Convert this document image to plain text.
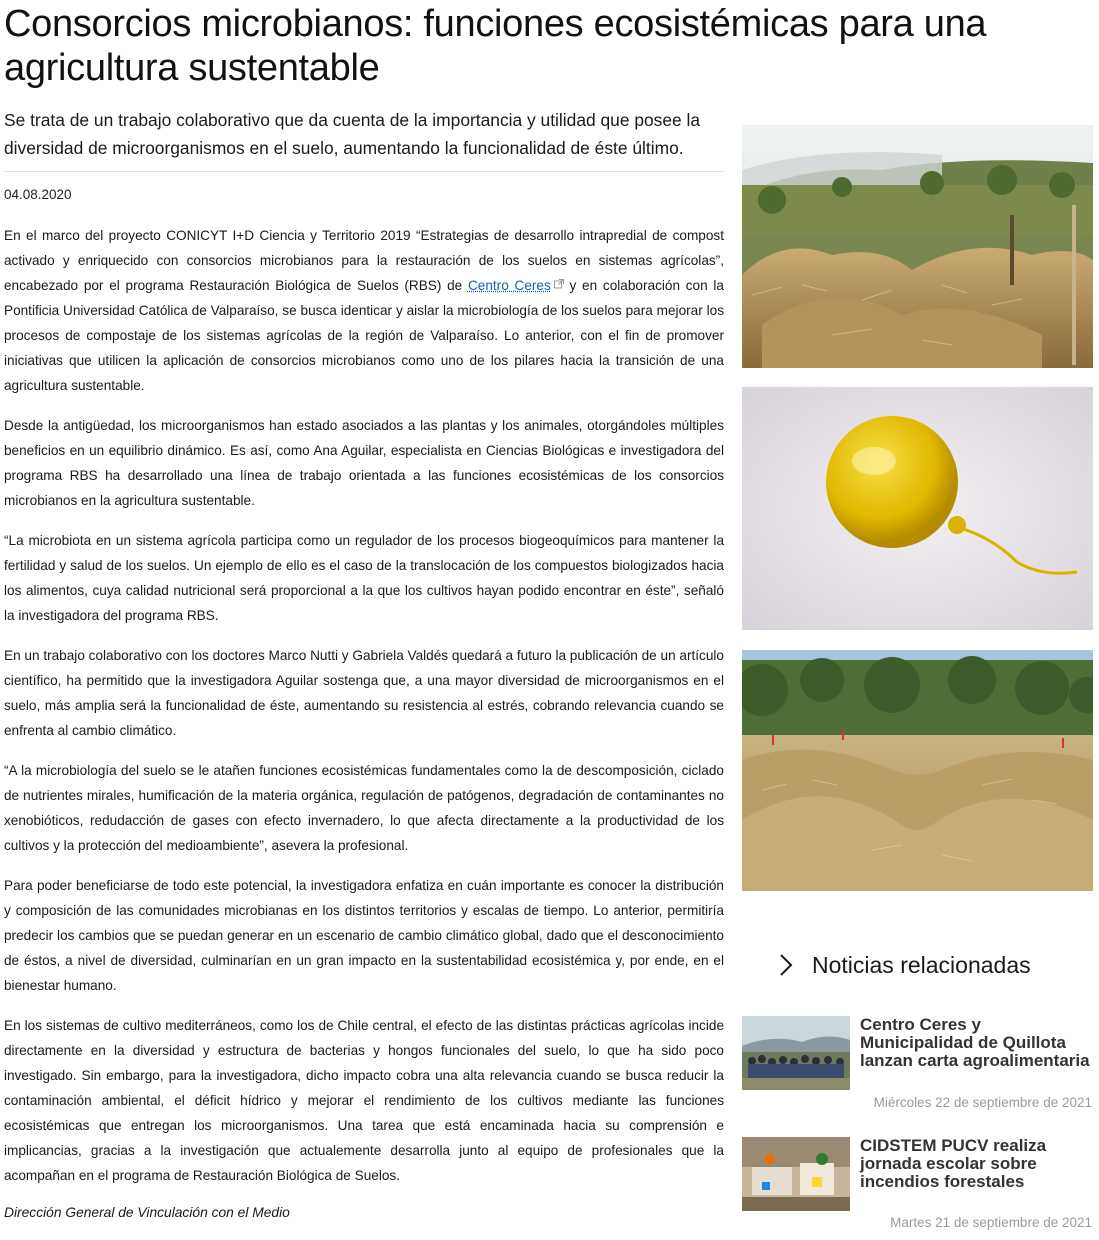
Consorcios microbianos: funciones ecosistémicas para una agricultura sustentable

Se trata de un trabajo colaborativo que da cuenta de la importancia y utilidad que posee la diversidad de microorganismos en el suelo, aumentando la funcionalidad de éste último.

04.08.2020

En el marco del proyecto CONICYT I+D Ciencia y Territorio 2019 “Estrategias de desarrollo intrapredial de compost activado y enriquecido con consorcios microbianos para la restauración de los suelos en sistemas agrícolas”, encabezado por el programa Restauración Biológica de Suelos (RBS) de Centro Ceres y en colaboración con la Pontificia Universidad Católica de Valparaíso, se busca identicar y aislar la microbiología de los suelos para mejorar los procesos de compostaje de los sistemas agrícolas de la región de Valparaíso. Lo anterior, con el fin de promover iniciativas que utilicen la aplicación de consorcios microbianos como uno de los pilares hacia la transición de una agricultura sustentable.

Desde la antigüedad, los microorganismos han estado asociados a las plantas y los animales, otorgándoles múltiples beneficios en un equilibrio dinámico. Es así, como Ana Aguilar, especialista en Ciencias Biológicas e investigadora del programa RBS ha desarrollado una línea de trabajo orientada a las funciones ecosistémicas de los consorcios microbianos en la agricultura sustentable.

“La microbiota en un sistema agrícola participa como un regulador de los procesos biogeoquímicos para mantener la fertilidad y salud de los suelos. Un ejemplo de ello es el caso de la translocación de los compuestos biologizados hacia los alimentos, cuya calidad nutricional será proporcional a la que los cultivos hayan podido encontrar en éste”, señaló la investigadora del programa RBS.

En un trabajo colaborativo con los doctores Marco Nutti y Gabriela Valdés quedará a futuro la publicación de un artículo científico, ha permitido que la investigadora Aguilar sostenga que, a una mayor diversidad de microorganismos en el suelo, más amplia será la funcionalidad de éste, aumentando su resistencia al estrés, cobrando relevancia cuando se enfrenta al cambio climático.

“A la microbiología del suelo se le atañen funciones ecosistémicas fundamentales como la de descomposición, ciclado de nutrientes mirales, humificación de la materia orgánica, regulación de patógenos, degradación de contaminantes no xenobióticos, redudacción de gases con efecto invernadero, lo que afecta directamente a la productividad de los cultivos y la protección del medioambiente”, asevera la profesional.

Para poder beneficiarse de todo este potencial, la investigadora enfatiza en cuán importante es conocer la distribución y composición de las comunidades microbianas en los distintos territorios y escalas de tiempo. Lo anterior, permitiría predecir los cambios que se puedan generar en un escenario de cambio climático global, dado que el desconocimiento de éstos, a nivel de diversidad, culminarían en un gran impacto en la sustentabilidad ecosistémica y, por ende, en el bienestar humano.

En los sistemas de cultivo mediterráneos, como los de Chile central, el efecto de las distintas prácticas agrícolas incide directamente en la diversidad y estructura de bacterias y hongos funcionales del suelo, lo que ha sido poco investigado. Sin embargo, para la investigadora, dicho impacto cobra una alta relevancia cuando se busca reducir la contaminación ambiental, el déficit hídrico y mejorar el rendimiento de los cultivos mediante las funciones ecosistémicas que entregan los microorganismos. Una tarea que está encaminada hacia su comprensión e implicancias, gracias a la investigación que actualemente desarrolla junto al equipo de profesionales que la acompañan en el programa de Restauración Biológica de Suelos.

Dirección General de Vinculación con el Medio
Noticias relacionadas
Centro Ceres y Municipalidad de Quillota lanzan carta agroalimentaria
Miércoles 22 de septiembre de 2021
CIDSTEM PUCV realiza jornada escolar sobre incendios forestales
Martes 21 de septiembre de 2021
